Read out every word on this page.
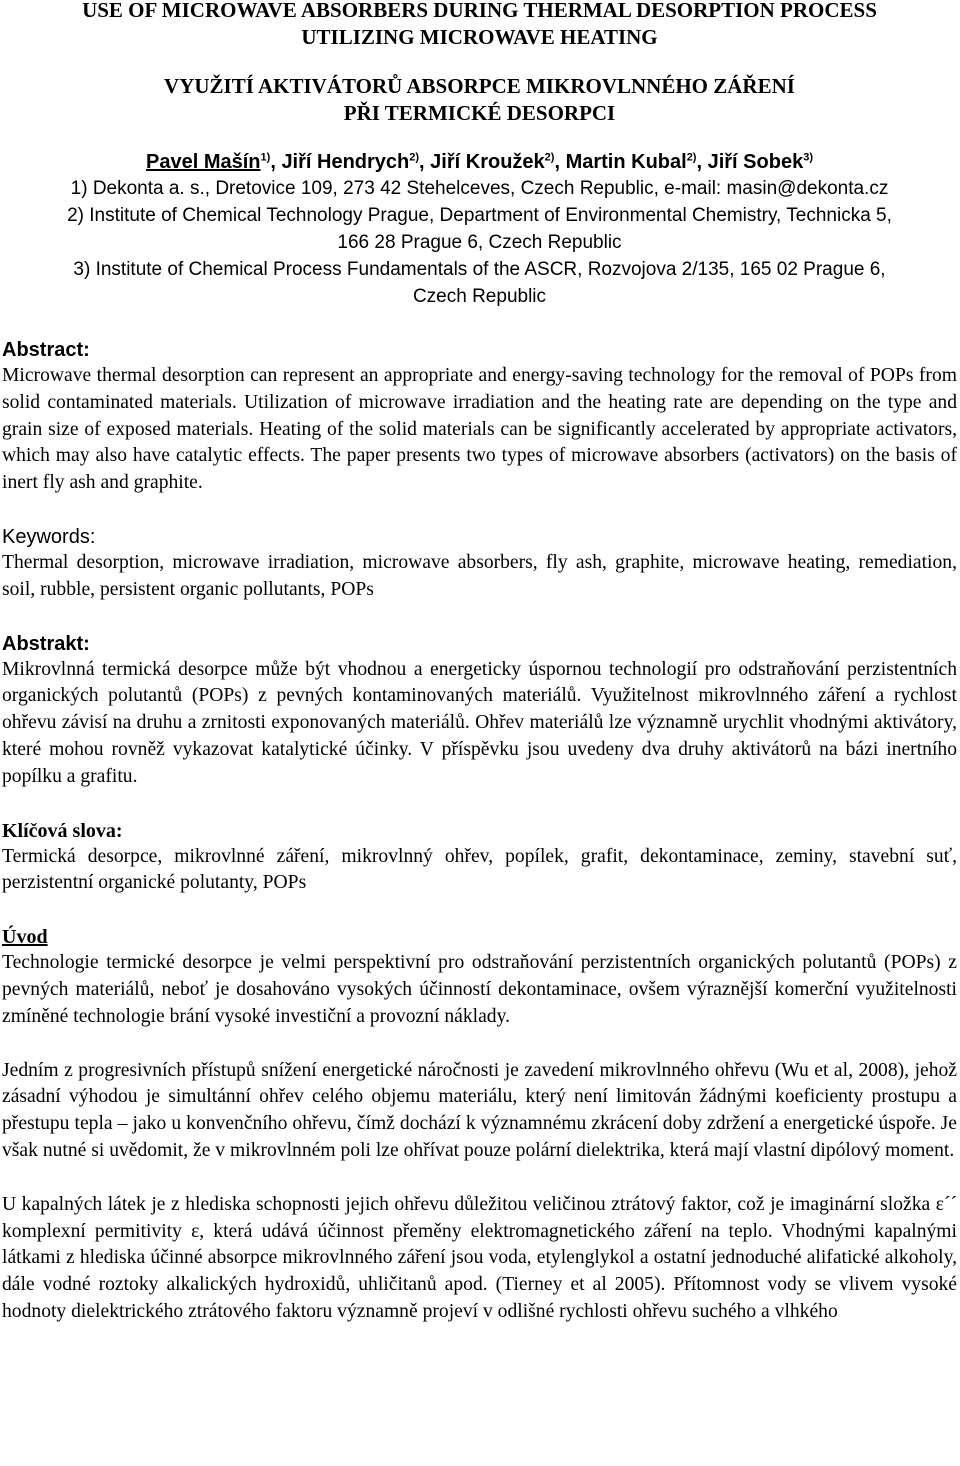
USE OF MICROWAVE ABSORBERS DURING THERMAL DESORPTION PROCESS
UTILIZING MICROWAVE HEATING
VYUŽITÍ AKTIVÁTORŮ ABSORPCE MIKROVLNNÉHO ZÁŘENÍ
PŘI TERMICKÉ DESORPCI
Pavel Mašín$^{1)}$, Jiří Hendrych$^{2)}$, Jiří Kroužek$^{2)}$, Martin Kubal$^{2)}$, Jiří Sobek$^{3)}$
1) Dekonta a. s., Dretovice 109, 273 42 Stehelceves, Czech Republic, e-mail: masin@dekonta.cz
2) Institute of Chemical Technology Prague, Department of Environmental Chemistry, Technicka 5,
166 28 Prague 6, Czech Republic
3) Institute of Chemical Process Fundamentals of the ASCR, Rozvojova 2/135, 165 02 Prague 6,
Czech Republic
Abstract:
Microwave thermal desorption can represent an appropriate and energy-saving technology for the removal of POPs from solid contaminated materials. Utilization of microwave irradiation and the heating rate are depending on the type and grain size of exposed materials. Heating of the solid materials can be significantly accelerated by appropriate activators, which may also have catalytic effects. The paper presents two types of microwave absorbers (activators) on the basis of inert fly ash and graphite.
Keywords:
Thermal desorption, microwave irradiation, microwave absorbers, fly ash, graphite, microwave heating, remediation, soil, rubble, persistent organic pollutants, POPs
Abstrakt:
Mikrovlnná termická desorpce může být vhodnou a energeticky úspornou technologií pro odstraňování perzistentních organických polutantů (POPs) z pevných kontaminovaných materiálů. Využitelnost mikrovlnného záření a rychlost ohřevu závisí na druhu a zrnitosti exponovaných materiálů. Ohřev materiálů lze významně urychlit vhodnými aktivátory, které mohou rovněž vykazovat katalytické účinky. V příspěvku jsou uvedeny dva druhy aktivátorů na bázi inertního popílku a grafitu.
Klíčová slova:
Termická desorpce, mikrovlnné záření, mikrovlnný ohřev, popílek, grafit, dekontaminace, zeminy, stavební suť, perzistentní organické polutanty, POPs
Úvod
Technologie termické desorpce je velmi perspektivní pro odstraňování perzistentních organických polutantů (POPs) z pevných materiálů, neboť je dosahováno vysokých účinností dekontaminace, ovšem výraznější komerční využitelnosti zmíněné technologie brání vysoké investiční a provozní náklady.
Jedním z progresivních přístupů snížení energetické náročnosti je zavedení mikrovlnného ohřevu (Wu et al, 2008), jehož zásadní výhodou je simultánní ohřev celého objemu materiálu, který není limitován žádnými koeficienty prostupu a přestupu tepla – jako u konvenčního ohřevu, čímž dochází k významnému zkrácení doby zdržení a energetické úspoře. Je však nutné si uvědomit, že v mikrovlnném poli lze ohřívat pouze polární dielektrika, která mají vlastní dipólový moment.
U kapalných látek je z hlediska schopnosti jejich ohřevu důležitou veličinou ztrátový faktor, což je imaginární složka ε´´ komplexní permitivity ε, která udává účinnost přeměny elektromagnetického záření na teplo. Vhodnými kapalnými látkami z hlediska účinné absorpce mikrovlnného záření jsou voda, etylenglykol a ostatní jednoduché alifatické alkoholy, dále vodné roztoky alkalických hydroxidů, uhličitanů apod. (Tierney et al 2005). Přítomnost vody se vlivem vysoké hodnoty dielektrického ztrátového faktoru významně projeví v odlišné rychlosti ohřevu suchého a vlhkého
